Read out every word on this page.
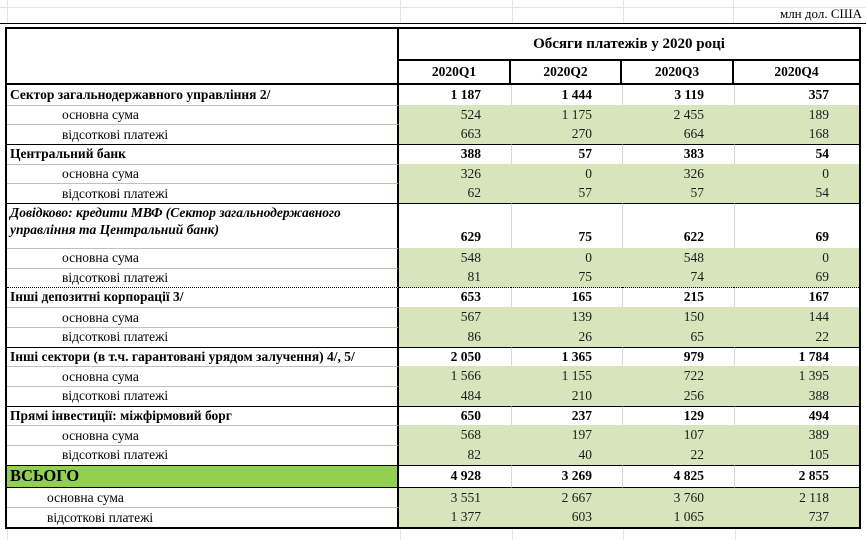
млн дол. США
	Обсяги платежів у 2020 році			
	2020Q1	2020Q2	2020Q3	2020Q4
Сектор загальнодержавного управління 2/	1 187	1 444	3 119	357
основна сума	524	1 175	2 455	189
відсоткові платежі	663	270	664	168
Центральний банк	388	57	383	54
основна сума	326	0	326	0
відсоткові платежі	62	57	57	54
Довідково: кредити МВФ (Сектор загальнодержавного управління та Центральний банк)	629	75	622	69
основна сума	548	0	548	0
відсоткові платежі	81	75	74	69
Інші депозитні корпорації 3/	653	165	215	167
основна сума	567	139	150	144
відсоткові платежі	86	26	65	22
Інші сектори (в т.ч. гарантовані урядом залучення) 4/, 5/	2 050	1 365	979	1 784
основна сума	1 566	1 155	722	1 395
відсоткові платежі	484	210	256	388
Прямі інвестиції: міжфірмовий борг	650	237	129	494
основна сума	568	197	107	389
відсоткові платежі	82	40	22	105
ВСЬОГО	4 928	3 269	4 825	2 855
основна сума	3 551	2 667	3 760	2 118
відсоткові платежі	1 377	603	1 065	737
